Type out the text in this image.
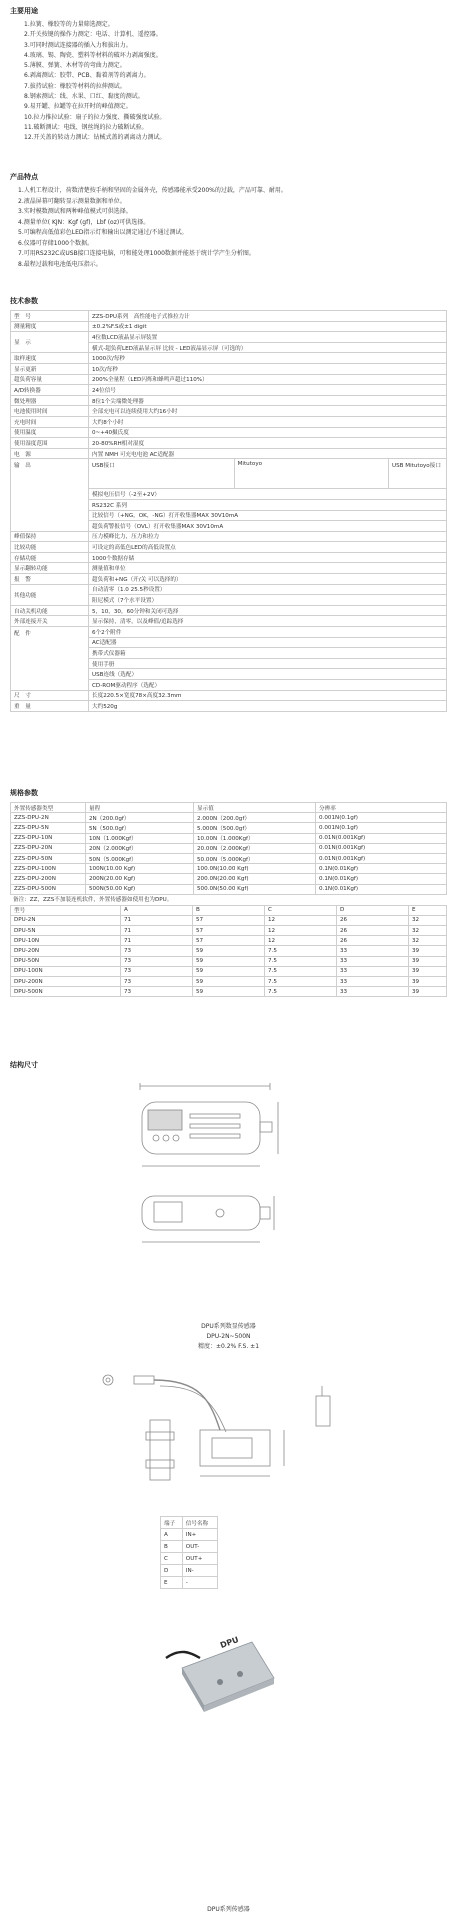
主要用途
1.拉簧、橡胶等的力量筛选测定。
2.开关按键的操作力测定：电话、计算机、遥控器。
3.可同时测试连接器的插入力和拔出力。
4.玻璃、锡、陶瓷、塑料等材料的破坏力剥离强度。
5.薄膜、弹簧、木材等的弯曲力测定。
6.剥离测试：胶带、PCB、黏着剂等的剥离力。
7.拔持试验：橡胶等材料的拉伸测试。
8.钢索测试：线、水果、口红、黏度的测试。
9.易开罐、拉罐等在拉开时的峰值测定。
10.拉力推拉试验：扇子的拉力强度、撕破强度试验。
11.破断测试：电线、钢丝绳的拉力破断试验。
12.开关盖的转动力测试：钻械式盖的剥离动力测试。
产品特点
1.人机工程设计，荷数清楚按手柄和坚固的金属外壳，传感器能承受200%的过载，产品可靠、耐用。
2.液晶屏幕可翻转显示测量数据和单位。
3.实时模数测试和两种峰值模式可供选择。
4.测量单位( KJN：Kgf (gf)，Lbf (oz)可供选择。
5.可编程高低值彩色LED指示灯和输出以测定通过/不通过测试。
6.仪器可存储1000个数据。
7.可用RS232C或USB接口连接电脑，可和能处理1000数据并能基于统计学产生分析图。
8.最程过载和电池低电压指示。
技术参数
型　号	ZZS-DPU系列　高性能电子式推拉力计		
测量精度	±0.2%F.S或±1 digit		
显　示	4位数LCD液晶显示屏装置		
	横式-超负荷LED液晶显示屏 比较 - LED液晶显示屏（可选的）		
取样速度	1000次/每秒		
显示更新	10次/每秒		
超负荷容量	200%全量程（LED闪烁和蜂鸣声超过110%）		
A/D转换器	24位信号		
微处理器	8位1个尖端微处理器		
电池使用时间	全部充电可以连续使用大约16小时		
充电时间	大约8个小时		
使用温度	0~+40摄氏度		
使用湿度范围	20-80%RH相对湿度		
电　源	内置 NMH 可充电电池 AC适配器		
输　出	USB接口	Mitutoyo	USB Mitutoyo接口
	模拟电压信号（-2至+2V）		
	RS232C 系列		
	比较信号（+NG，OK，-NG）打开收集器MAX 30V10mA		
	超负荷警报信号（OVL）打开收集器MAX 30V10mA		
峰值保持	压力模峰比力，压力和拉力		
比较功能	可设定的高低色LED的高低设置点		
存储功能	1000个数据存储		
显示翻转功能	测量值和单位		
报　警	超负荷和+NG（开/关 可以选择的）		
其他功能	自动清零（1.0 25.5秒设置）		
	阻尼模式（7个水平设置）		
自动关机功能	5，10，30，60分钟和关闭可选择		
外部连接开关	显示保持，清零，以及峰值/追踪选择		
配　件	6个2个附件		
	AC适配器		
	携带式仪器箱		
	使用手册		
	USB连线（选配）		
	CD-ROM驱动程序（选配）		
尺　寸	长度220.5×宽度78×高度32.3mm		
重　量	大约520g		
规格参数
外置传感器类型	量程	显示值	分辨率
ZZS-DPU-2N	2N（200.0gf）	2.000N（200.0gf）	0.001N(0.1gf)
ZZS-DPU-5N	5N（500.0gf）	5.000N（500.0gf）	0.001N(0.1gf)
ZZS-DPU-10N	10N（1.000Kgf）	10.00N（1.000Kgf）	0.01N(0.001Kgf)
ZZS-DPU-20N	20N（2.000Kgf）	20.00N（2.000Kgf）	0.01N(0.001Kgf)
ZZS-DPU-50N	50N（5.000Kgf）	50.00N（5.000Kgf）	0.01N(0.001Kgf)
ZZS-DPU-100N	100N(10.00 Kgf)	100.0N(10.00 Kgf)	0.1N(0.01Kgf)
ZZS-DPU-200N	200N(20.00 Kgf)	200.0N(20.00 Kgf)	0.1N(0.01Kgf)
ZZS-DPU-500N	500N(50.00 Kgf)	500.0N(50.00 Kgf)	0.1N(0.01Kgf)
备注：ZZ，ZZS不加装连机软件，外置传感器如使用也为DPU。
型号	A	B	C	D	E
DPU-2N	71	57	12	26	32
DPU-5N	71	57	12	26	32
DPU-10N	71	57	12	26	32
DPU-20N	73	59	7.5	33	39
DPU-50N	73	59	7.5	33	39
DPU-100N	73	59	7.5	33	39
DPU-200N	73	59	7.5	33	39
DPU-500N	73	59	7.5	33	39
结构尺寸
DPU系列数显传感器
DPU-2N~500N
精度：±0.2% F.S. ±1
端子	信号名称
A	IN+
B	OUT-
C	OUT+
D	IN-
E	-
DPU
DPU系列传感器
